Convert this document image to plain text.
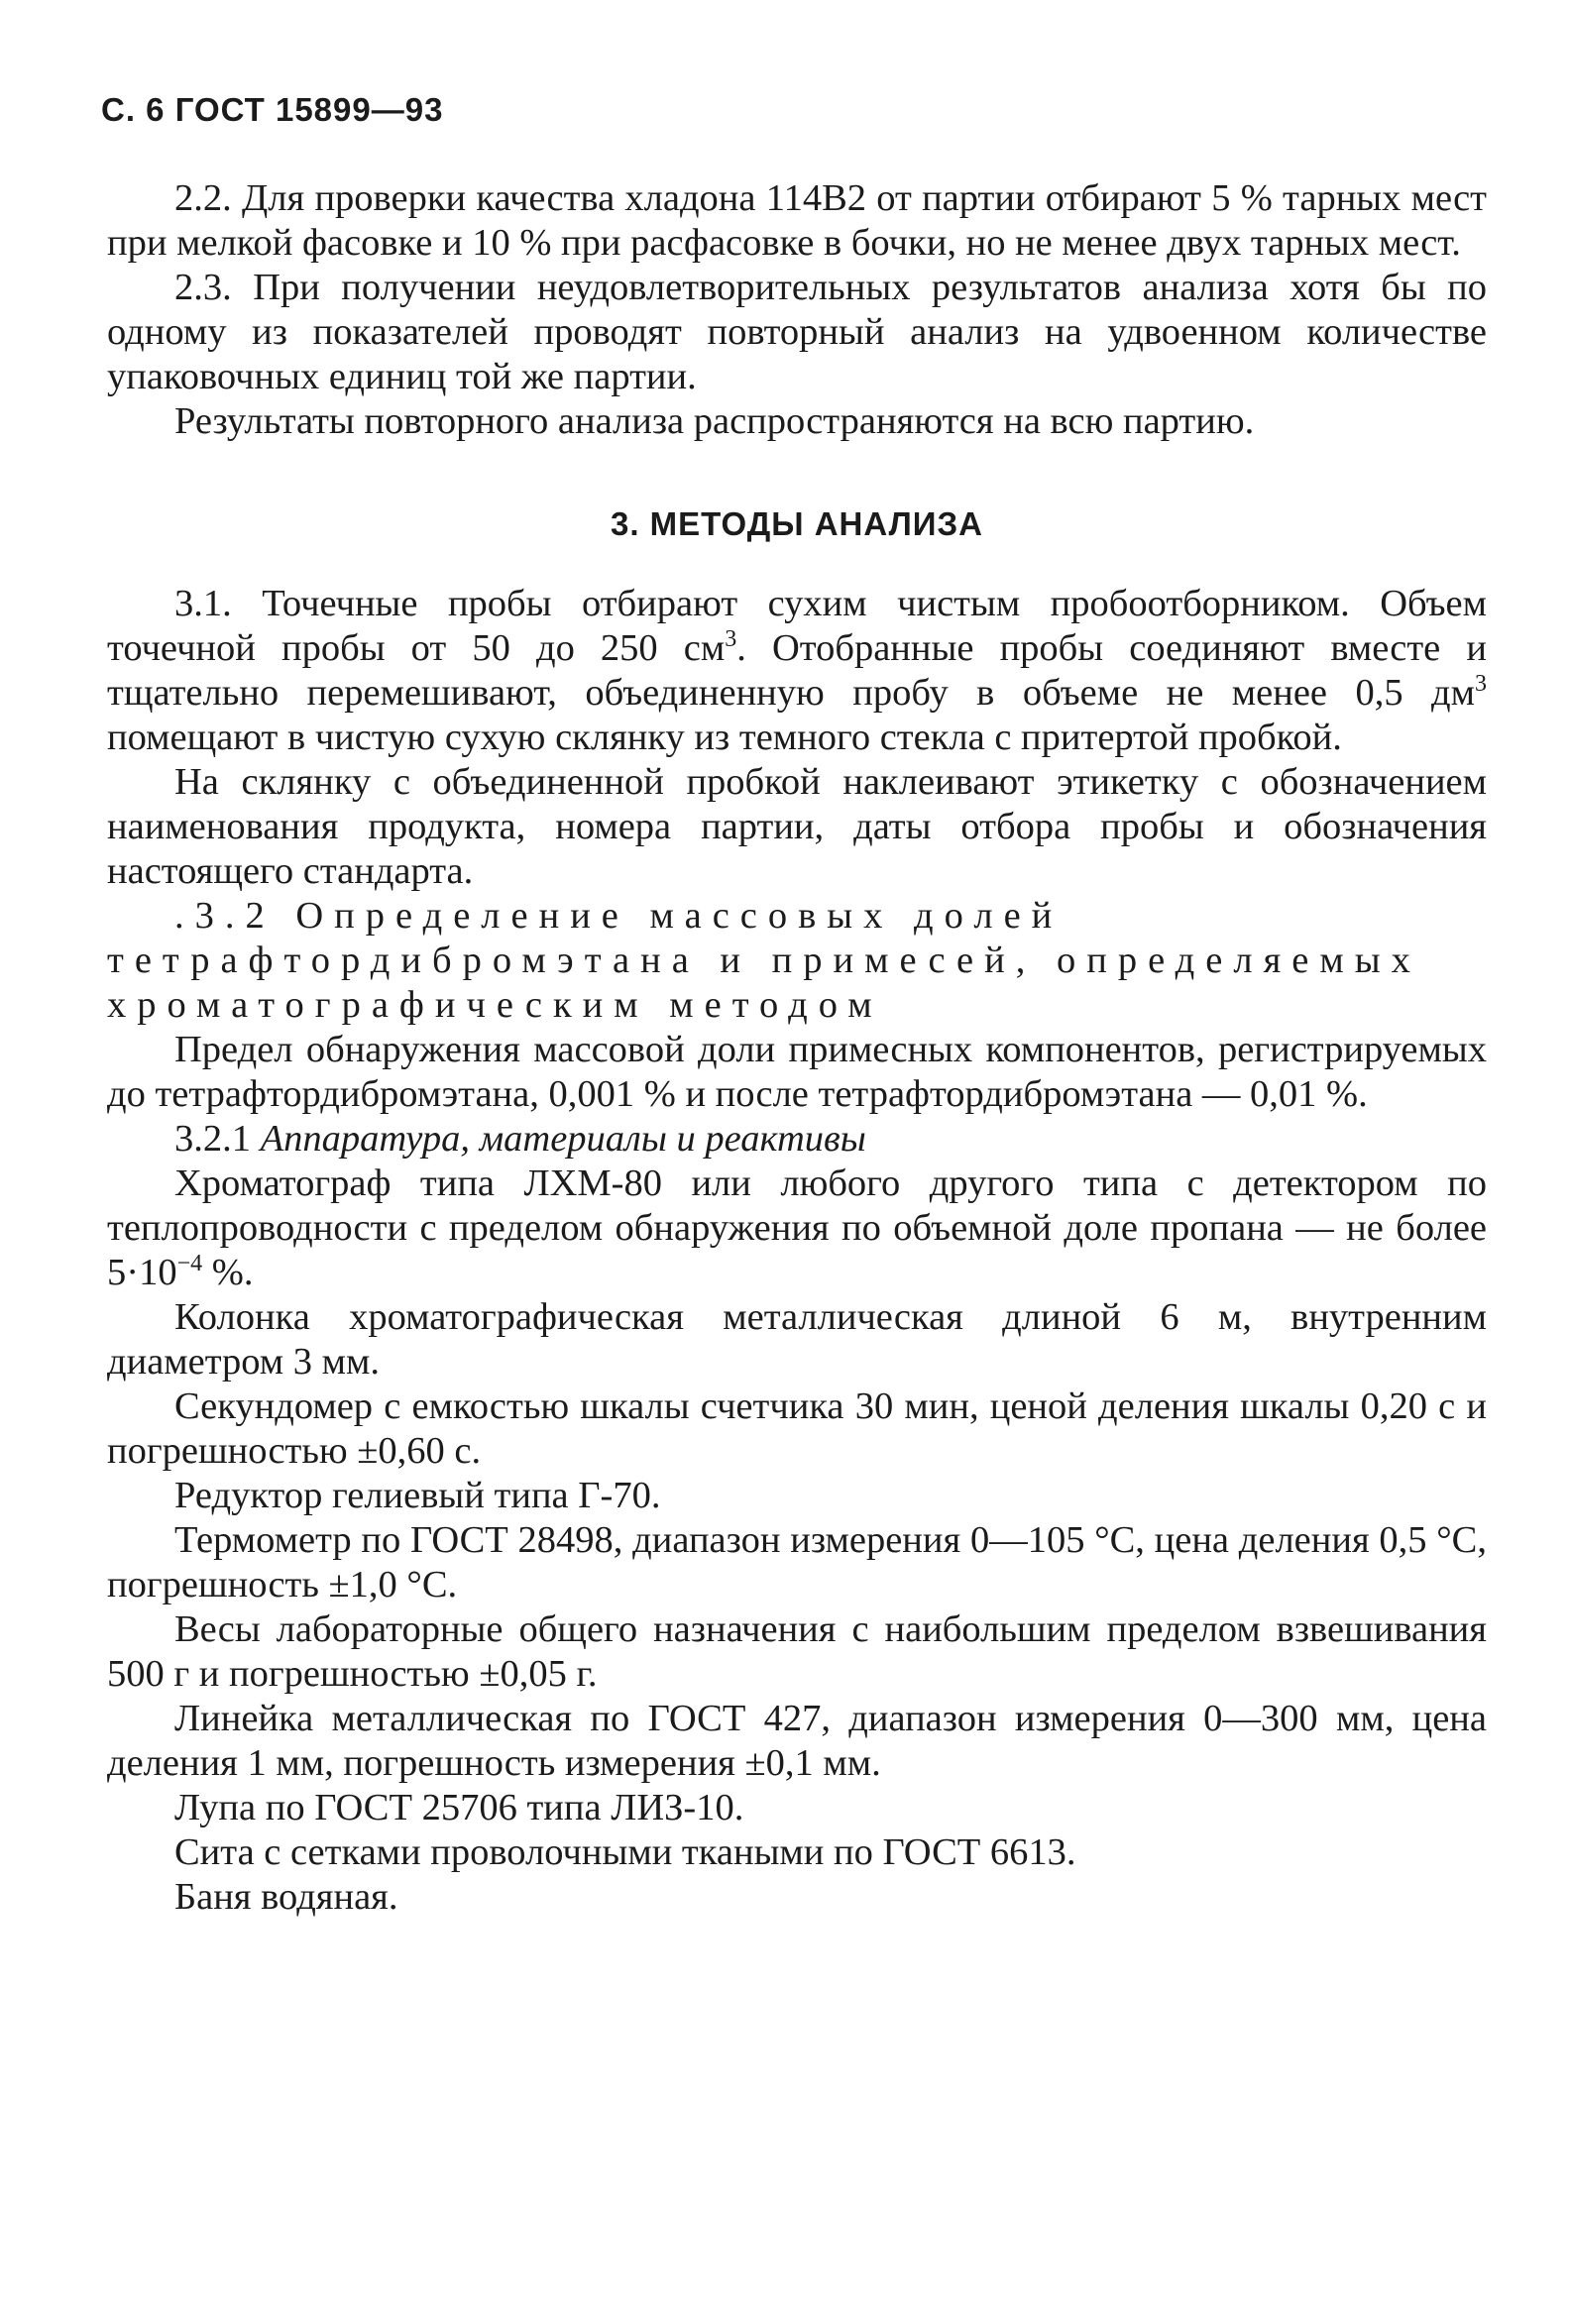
С. 6 ГОСТ 15899—93

2.2. Для проверки качества хладона 114В2 от партии отбирают 5 % тарных мест при мелкой фасовке и 10 % при расфасовке в бочки, но не менее двух тарных мест.

2.3. При получении неудовлетворительных результатов анализа хотя бы по одному из показателей проводят повторный анализ на удвоенном количестве упаковочных единиц той же партии.

Результаты повторного анализа распространяются на всю партию.

3. МЕТОДЫ АНАЛИЗА

3.1. Точечные пробы отбирают сухим чистым пробоотборником. Объем точечной пробы от 50 до 250 $см^3$. Отобранные пробы соединяют вместе и тщательно перемешивают, объединенную пробу в объеме не менее 0,5 $дм^3$ помещают в чистую сухую склянку из темного стекла с притертой пробкой.

На склянку с объединенной пробкой наклеивают этикетку с обозначением наименования продукта, номера партии, даты отбора пробы и обозначения настоящего стандарта.

.3.2 Определение массовых долей тетрафтордибромэтана и примесей, определяемых хроматографическим методом

Предел обнаружения массовой доли примесных компонентов, регистрируемых до тетрафтордибромэтана, 0,001 % и после тетрафтордибромэтана — 0,01 %.

3.2.1 Аппаратура, материалы и реактивы

Хроматограф типа ЛХМ-80 или любого другого типа с детектором по теплопроводности с пределом обнаружения по объемной доле пропана — не более $5\cdot 10^{-4}$ %.

Колонка хроматографическая металлическая длиной 6 м, внутренним диаметром 3 мм.

Секундомер с емкостью шкалы счетчика 30 мин, ценой деления шкалы 0,20 с и погрешностью ±0,60 с.

Редуктор гелиевый типа Г-70.

Термометр по ГОСТ 28498, диапазон измерения 0—105 °С, цена деления 0,5 °С, погрешность ±1,0 °С.

Весы лабораторные общего назначения с наибольшим пределом взвешивания 500 г и погрешностью ±0,05 г.

Линейка металлическая по ГОСТ 427, диапазон измерения 0—300 мм, цена деления 1 мм, погрешность измерения ±0,1 мм.

Лупа по ГОСТ 25706 типа ЛИЗ-10.

Сита с сетками проволочными ткаными по ГОСТ 6613.

Баня водяная.
